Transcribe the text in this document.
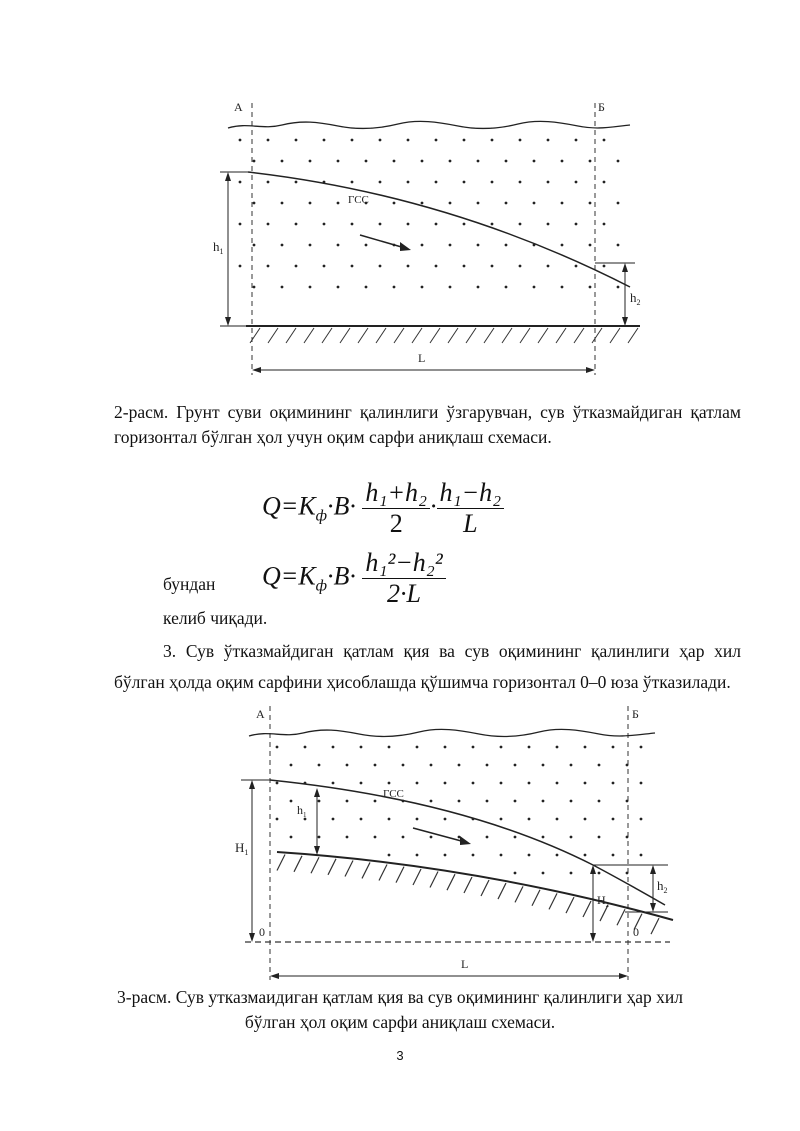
А	Б
ГСС
$h_1$
$h_2$
L
2-расм. Грунт суви оқимининг қалинлиги ўзгарувчан, сув ўтказмайдиган қатлам горизонтал бўлган ҳол учун оқим сарфи аниқлаш схемаси.
$Q=K_ф\cdot B\cdot \frac{\text{h₁+h₂}}{2} \cdot \frac{\text{h₁−h₂}}{L}$
бундан $Q=K_ф\cdot B\cdot \frac{\text{h₁²−h₂²}}{2\cdot L}$
келиб чиқади.
3. Сув ўтказмайдиган қатлам қия ва сув оқимининг қалинлиги ҳар хил бўлган ҳолда оқим сарфини ҳисоблашда қўшимча горизонтал 0–0 юза ўтказилади.
А	Б
ГСС
0	0
$H_1$
$h_1$
$h_2$
$H_2$
L
3-расм. Сув утказмаидиган қатлам қия ва сув оқимининг қалинлиги ҳар хил
бўлган ҳол оқим сарфи аниқлаш схемаси.
3
